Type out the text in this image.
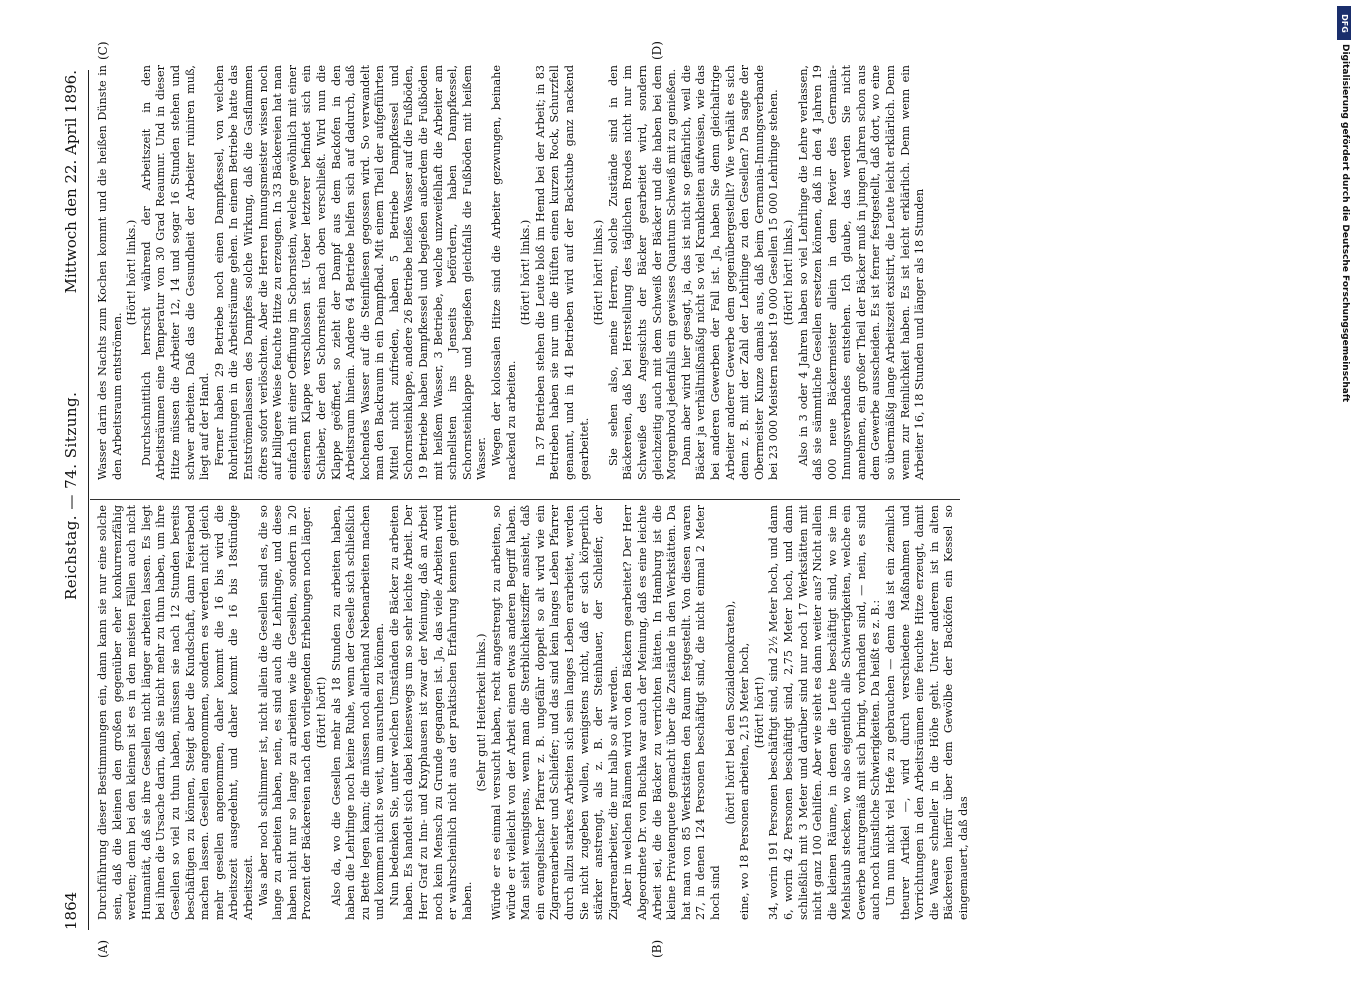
1864
Reichstag. — 74. Sitzung.
Mittwoch den 22. April 1896.
(A)	(B)
(C)	(D)

Durchführung dieser Bestimmungen ein, dann kann sie nur eine solche sein, daß die kleinen den großen gegenüber eher konkurrenzfähig werden; denn bei den kleinen ist es in den meisten Fällen auch nicht Humanität, daß sie ihre Gesellen nicht länger arbeiten lassen. Es liegt bei ihnen die Ursache darin, daß sie nicht mehr zu thun haben, um ihre Gesellen so viel zu thun haben, müssen sie nach 12 Stunden bereits beschäftigen zu können, Steigt aber die Kundschaft, dann Feierabend machen lassen. Gesellen angenommen, sondern es werden nicht gleich mehr gesellen angenommen, daher kommt die 16 bis wird die Arbeitszeit ausgedehnt, und daher kommt die 16 bis 18stündige Arbeitszeit. Was aber noch schlimmer ist, nicht allein die Gesellen sind es, die so lange zu arbeiten haben, nein, es sind auch die Lehrlinge, und diese haben nicht nur so lange zu arbeiten wie die Gesellen, sondern in 20 Prozent der Bäckereien nach den vorliegenden Erhebungen noch länger. (Hört! hört!) Also da, wo die Gesellen mehr als 18 Stunden zu arbeiten haben, haben die Lehrlinge noch keine Ruhe, wenn der Geselle sich schließlich zu Bette legen kann; die müssen noch allerhand Nebenarbeiten machen und kommen nicht so weit, um ausruhen zu können. Nun bedenken Sie, unter welchen Umständen die Bäcker zu arbeiten haben. Es handelt sich dabei keineswegs um so sehr leichte Arbeit. Der Herr Graf zu Inn- und Knyphausen ist zwar der Meinung, daß an Arbeit noch kein Mensch zu Grunde gegangen ist. Ja, das viele Arbeiten wird er wahrscheinlich nicht aus der praktischen Erfahrung kennen gelernt haben.

(Sehr gut! Heiterkeit links.) Würde er es einmal versucht haben, recht angestrengt zu arbeiten, so würde er vielleicht von der Arbeit einen etwas anderen Begriff haben. Man sieht wenigstens, wenn man die Sterblichkeitsziffer ansieht, daß ein evangelischer Pfarrer z. B. ungefähr doppelt so alt wird wie ein Zigarrenarbeiter und Schleifer; und das sind kein langes Leben Pfarrer durch allzu starkes Arbeiten sich sein langes Leben erarbeitet, werden Sie nicht zugeben wollen, wenigstens nicht, daß er sich körperlich stärker anstrengt, als z. B. der Steinhauer, der Schleifer, der Zigarrenarbeiter, die nur halb so alt werden. Aber in welchen Räumen wird von den Bäckern gearbeitet? Der Herr Abgeordnete Dr. von Buchka war auch der Meinung, daß es eine leichte Arbeit sei, die die Bäcker zu verrichten hätten. In Hamburg ist die kleine Privatenquete gemacht über die Zustände in den Werkstätten. Da hat man von 85 Werkstätten den Raum festgestellt. Von diesen waren 27, in denen 124 Personen beschäftigt sind, die nicht einmal 2 Meter hoch sind

(hört! hört! bei den Sozialdemokraten), eine, wo 18 Personen arbeiten, 2,15 Meter hoch, (Hört! hört!) 34, worin 191 Personen beschäftigt sind, sind 2½ Meter hoch, und dann 6, worin 42 Personen beschäftigt sind, 2,75 Meter hoch, und dann schließlich mit 3 Meter und darüber sind nur noch 17 Werkstätten mit nicht ganz 100 Gehilfen. Aber wie sieht es dann weiter aus? Nicht allein die kleinen Räume, in denen die Leute beschäftigt sind, wo sie im Mehlstaub stecken, wo also eigentlich alle Schwierigkeiten, welche ein Gewerbe naturgemäß mit sich bringt, vorhanden sind, — nein, es sind auch noch künstliche Schwierigkeiten. Da heißt es z. B.: Um nun nicht viel Hefe zu gebrauchen — denn das ist ein ziemlich theurer Artikel —, wird durch verschiedene Maßnahmen und Vorrichtungen in den Arbeitsräumen eine feuchte Hitze erzeugt, damit die Waare schneller in die Höhe geht. Unter anderem ist in alten Bäckereien hierfür über dem Gewölbe der Backöfen ein Kessel so eingemauert, daß das

Wasser darin des Nachts zum Kochen kommt und die heißen Dünste in den Arbeitsraum entströmen.

(Hört! hört! links.) Durchschnittlich herrscht während der Arbeitszeit in den Arbeitsräumen eine Temperatur von 30 Grad Reaumur. Und in dieser Hitze müssen die Arbeiter 12, 14 und sogar 16 Stunden stehen und schwer arbeiten. Daß das die Gesundheit der Arbeiter ruiniren muß, liegt auf der Hand. Ferner haben 29 Betriebe noch einen Dampfkessel, von welchen Rohrleitungen in die Arbeitsräume gehen. In einem Betriebe hatte das Entströmenlassen des Dampfes solche Wirkung, daß die Gasflammen öfters sofort verlöschten. Aber die Herren Innungsmeister wissen noch auf billigere Weise feuchte Hitze zu erzeugen. In 33 Bäckereien hat man einfach mit einer Oeffnung im Schornstein, welche gewöhnlich mit einer eisernen Klappe verschlossen ist. Ueber letzterer befindet sich ein Schieber, der den Schornstein nach oben verschließt. Wird nun die Klappe geöffnet, so zieht der Dampf aus dem Backofen in den Arbeitsraum hinein. Andere 64 Betriebe helfen sich auf dadurch, daß kochendes Wasser auf die Steinfliesen gegossen wird. So verwandelt man den Backraum in ein Dampfbad. Mit einem Theil der aufgeführten Mittel nicht zufrieden, haben 5 Betriebe Dampfkessel und Schornsteinklappe, andere 26 Betriebe heißes Wasser auf die Fußböden, 19 Betriebe haben Dampfkessel und begießen außerdem die Fußböden mit heißem Wasser, 3 Betriebe, welche unzweifelhaft die Arbeiter am schnellsten ins Jenseits befördern, haben Dampfkessel, Schornsteinklappe und begießen gleichfalls die Fußböden mit heißem Wasser. Wegen der kolossalen Hitze sind die Arbeiter gezwungen, beinahe nackend zu arbeiten.

(Hört! hört! links.) In 37 Betrieben stehen die Leute bloß im Hemd bei der Arbeit; in 83 Betrieben haben sie nur um die Hüften einen kurzen Rock, Schurzfell genannt, und in 41 Betrieben wird auf der Backstube ganz nackend gearbeitet.

(Hört! hört! links.) Sie sehen also, meine Herren, solche Zustände sind in den Bäckereien, daß bei Herstellung des täglichen Brodes nicht nur im Schweiße des Angesichts der Bäcker gearbeitet wird, sondern gleichzeitig auch mit dem Schweiß der Bäcker und die haben bei dem Morgenbrod jedenfalls ein gewisses Quantum Schweiß mit zu genießen. Dann aber wird hier gesagt, ja, das ist nicht so gefährlich, weil die Bäcker ja verhältnißmäßig nicht so viel Krankheiten aufweisen, wie das bei anderen Gewerben der Fall ist. Ja, haben Sie denn gleichaltrige Arbeiter anderer Gewerbe dem gegenübergestellt? Wie verhält es sich denn z. B. mit der Zahl der Lehrlinge zu den Gesellen? Da sagte der Obermeister Kunze damals aus, daß beim Germania-Innungsverbande bei 23 000 Meistern nebst 19 000 Gesellen 15 000 Lehrlinge stehen. (Hört! hört! links.) Also in 3 oder 4 Jahren haben so viel Lehrlinge die Lehre verlassen, daß sie sämmtliche Gesellen ersetzen können, daß in den 4 Jahren 19 000 neue Bäckermeister allein in dem Revier des Germania-Innungsverbandes entstehen. Ich glaube, das werden Sie nicht annehmen, ein großer Theil der Bäcker muß in jungen Jahren schon aus dem Gewerbe ausscheiden. Es ist ferner festgestellt, daß dort, wo eine so übermäßig lange Arbeitszeit existirt, die Leute leicht erklärlich. Denn wenn zur Reinlichkeit haben. Es ist leicht erklärlich. Denn wenn ein Arbeiter 16, 18 Stunden und länger als 18 Stunden

DFG
Digitalisierung gefördert durch die Deutsche Forschungsgemeinschaft
